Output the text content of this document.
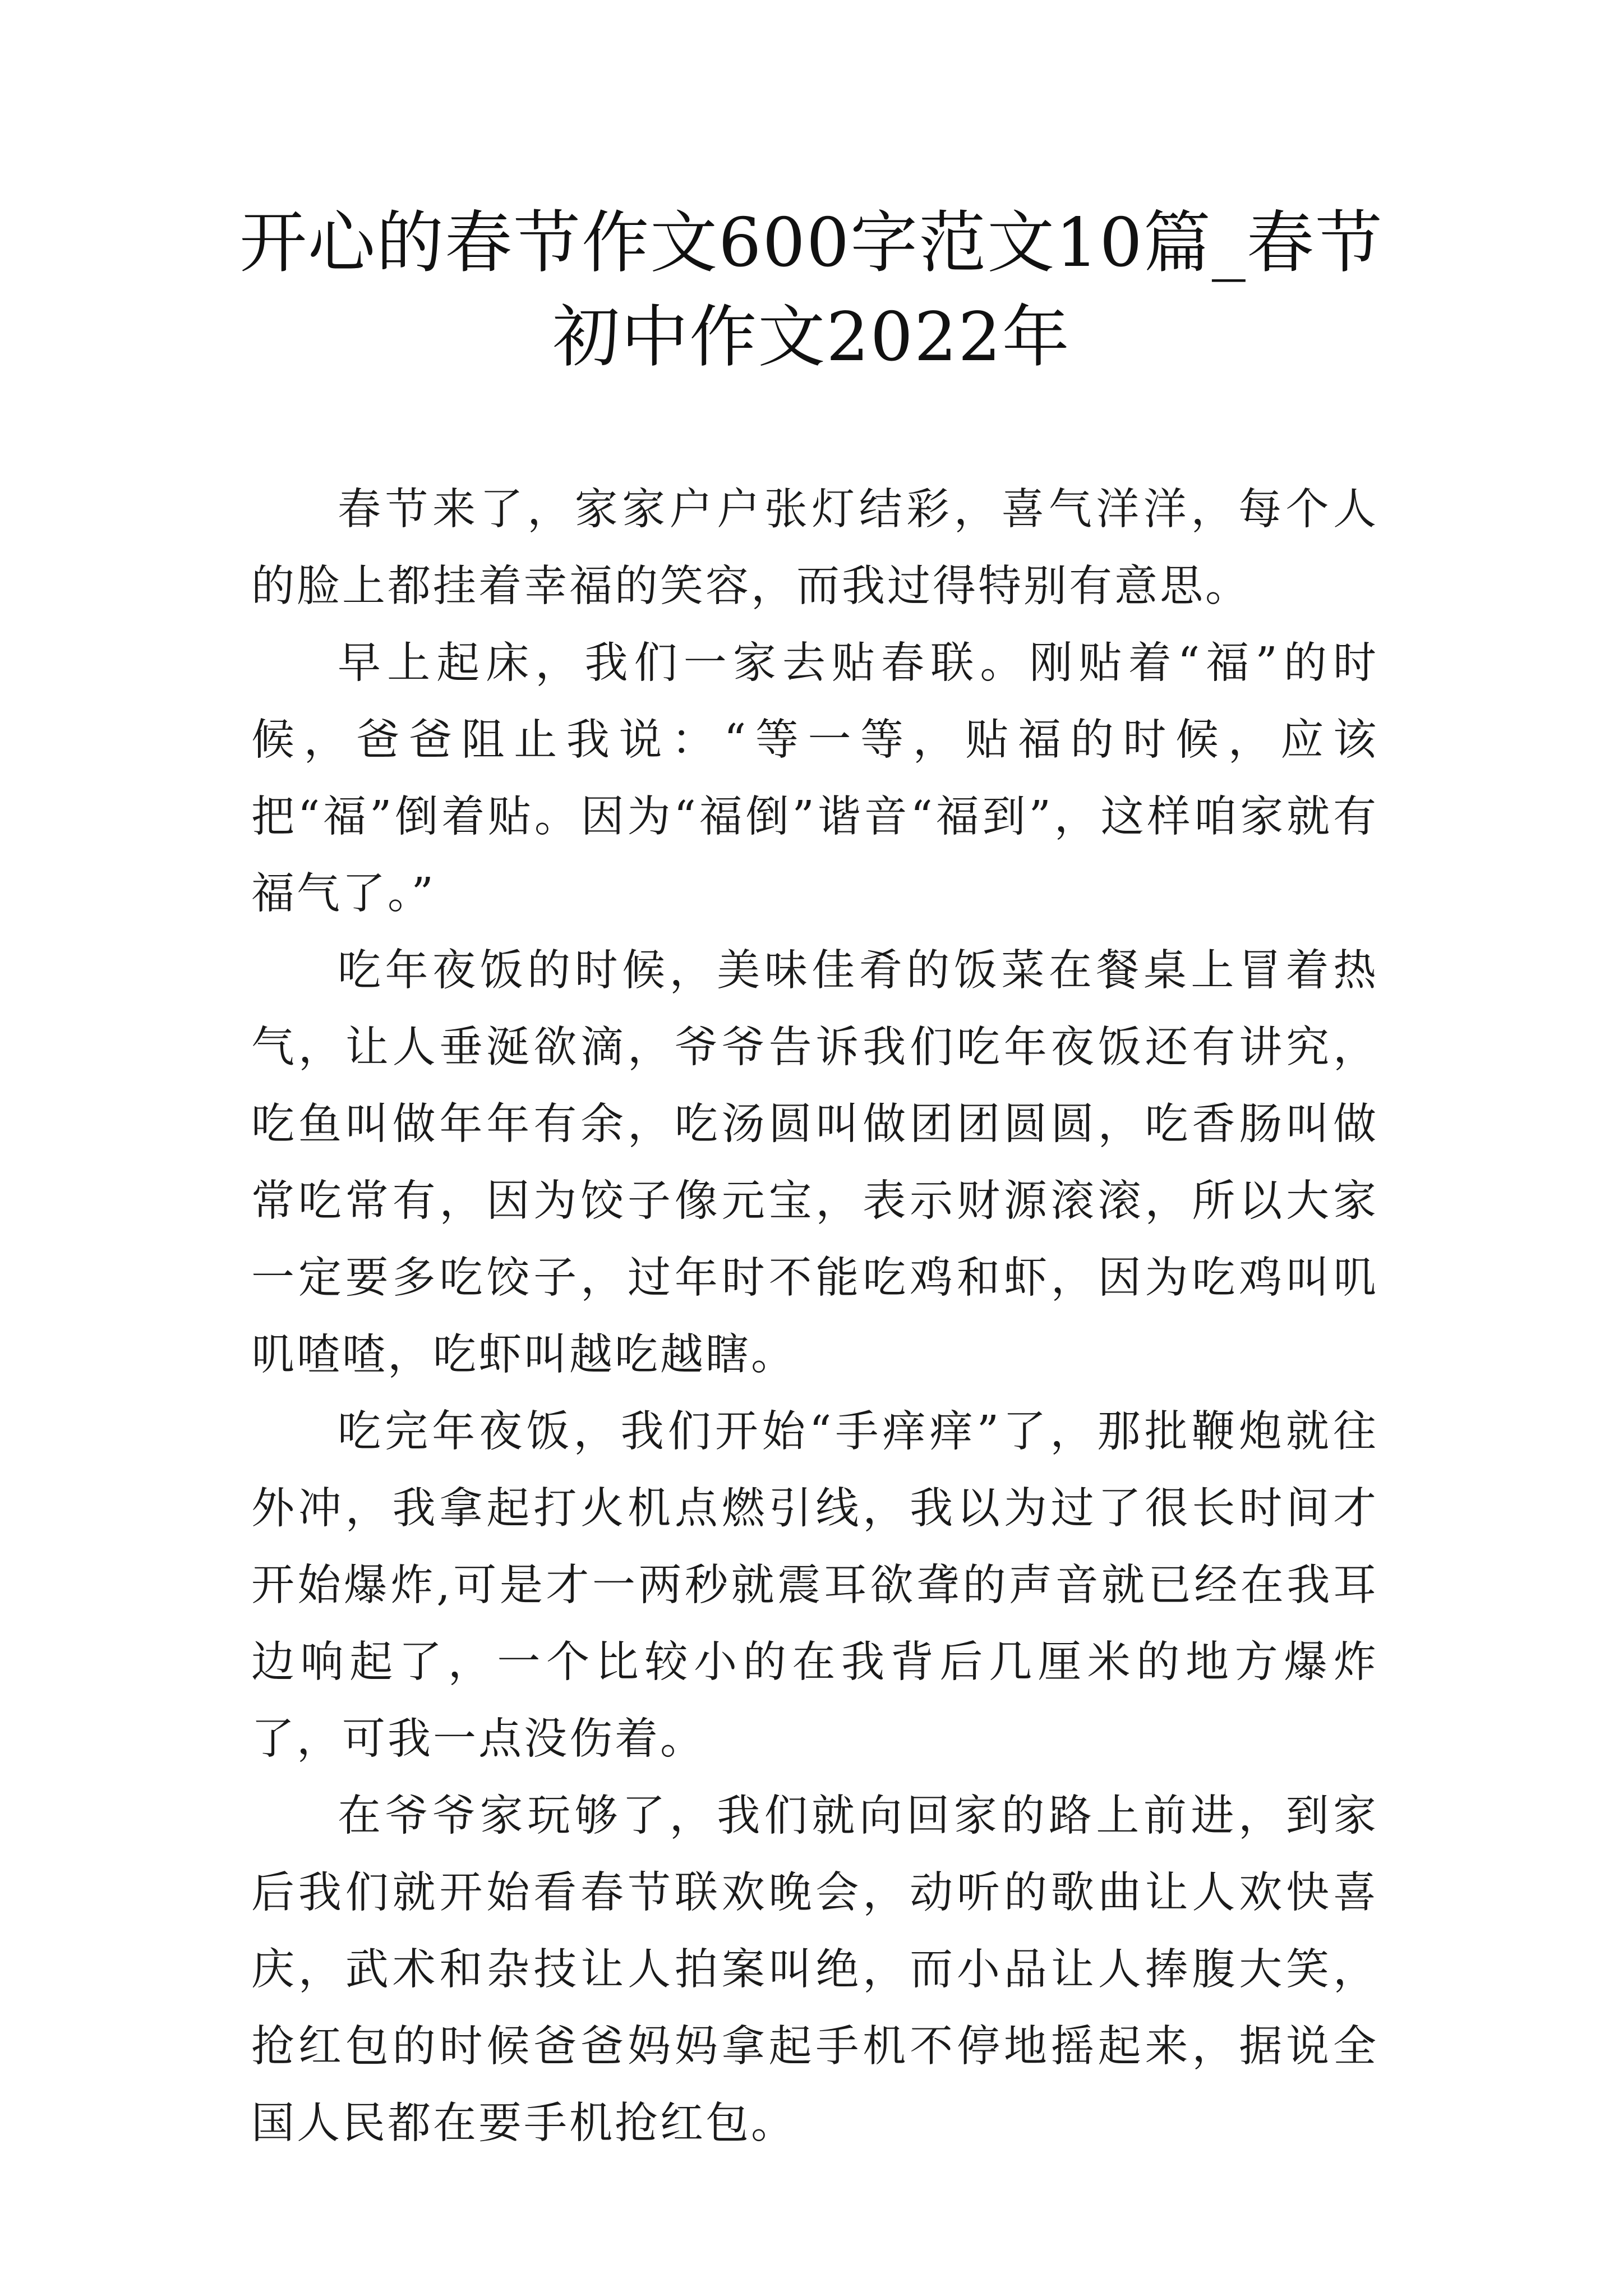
开心的春节作文600字范文10篇_春节初中作文2022年

春节来了，家家户户张灯结彩，喜气洋洋，每个人的脸上都挂着幸福的笑容，而我过得特别有意思。

早上起床，我们一家去贴春联。刚贴着“福”的时候，爸爸阻止我说：“等一等，贴福的时候，应该把“福”倒着贴。因为“福倒”谐音“福到”，这样咱家就有福气了。”

吃年夜饭的时候，美味佳肴的饭菜在餐桌上冒着热气，让人垂涎欲滴，爷爷告诉我们吃年夜饭还有讲究，吃鱼叫做年年有余，吃汤圆叫做团团圆圆，吃香肠叫做常吃常有，因为饺子像元宝，表示财源滚滚，所以大家一定要多吃饺子，过年时不能吃鸡和虾，因为吃鸡叫叽叽喳喳，吃虾叫越吃越瞎。

吃完年夜饭，我们开始“手痒痒”了，那批鞭炮就往外冲，我拿起打火机点燃引线，我以为过了很长时间才开始爆炸,可是才一两秒就震耳欲聋的声音就已经在我耳边响起了，一个比较小的在我背后几厘米的地方爆炸了，可我一点没伤着。

在爷爷家玩够了，我们就向回家的路上前进，到家后我们就开始看春节联欢晚会，动听的歌曲让人欢快喜庆，武术和杂技让人拍案叫绝，而小品让人捧腹大笑，抢红包的时候爸爸妈妈拿起手机不停地摇起来，据说全国人民都在要手机抢红包。
